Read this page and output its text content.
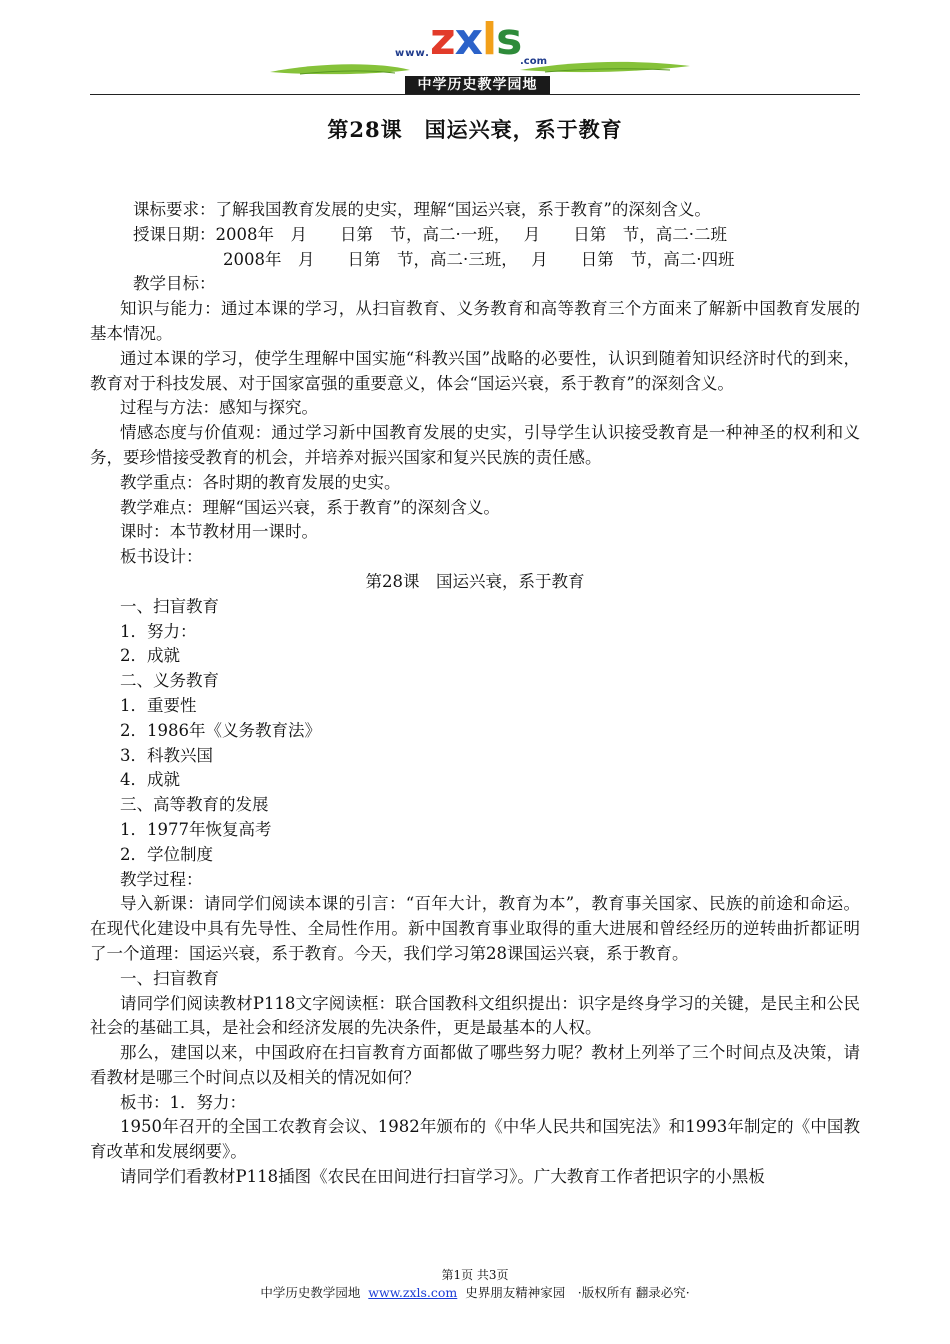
www. zxls
.com
中学历史教学园地
第28课　国运兴衰，系于教育

课标要求：了解我国教育发展的史实，理解“国运兴衰，系于教育”的深刻含义。

授课日期：2008年　月　　日第　节，高二·一班，　 月　　日第　节，高二·二班

2008年　月　　日第　节，高二·三班，　 月　　日第　节，高二·四班

教学目标：

知识与能力：通过本课的学习，从扫盲教育、义务教育和高等教育三个方面来了解新中国教育发展的基本情况。

通过本课的学习，使学生理解中国实施“科教兴国”战略的必要性，认识到随着知识经济时代的到来，教育对于科技发展、对于国家富强的重要意义，体会“国运兴衰，系于教育”的深刻含义。

过程与方法：感知与探究。

情感态度与价值观：通过学习新中国教育发展的史实，引导学生认识接受教育是一种神圣的权利和义务，要珍惜接受教育的机会，并培养对振兴国家和复兴民族的责任感。

教学重点：各时期的教育发展的史实。

教学难点：理解“国运兴衰，系于教育”的深刻含义。

课时：本节教材用一课时。

板书设计：

第28课　国运兴衰，系于教育

一、扫盲教育

1．努力：

2．成就

二、义务教育

1．重要性

2．1986年《义务教育法》

3．科教兴国

4．成就

三、高等教育的发展

1．1977年恢复高考

2．学位制度

教学过程：

导入新课：请同学们阅读本课的引言：“百年大计，教育为本”，教育事关国家、民族的前途和命运。在现代化建设中具有先导性、全局性作用。新中国教育事业取得的重大进展和曾经经历的逆转曲折都证明了一个道理：国运兴衰，系于教育。今天，我们学习第28课国运兴衰，系于教育。

一、扫盲教育

请同学们阅读教材P118文字阅读框：联合国教科文组织提出：识字是终身学习的关键，是民主和公民社会的基础工具，是社会和经济发展的先决条件，更是最基本的人权。

那么，建国以来，中国政府在扫盲教育方面都做了哪些努力呢？教材上列举了三个时间点及决策，请看教材是哪三个时间点以及相关的情况如何？

板书：1．努力：

1950年召开的全国工农教育会议、1982年颁布的《中华人民共和国宪法》和1993年制定的《中国教育改革和发展纲要》。

请同学们看教材P118插图《农民在田间进行扫盲学习》。广大教育工作者把识字的小黑板

第1页 共3页
中学历史教学园地 www.zxls.com 史界朋友精神家园　·版权所有 翻录必究·
